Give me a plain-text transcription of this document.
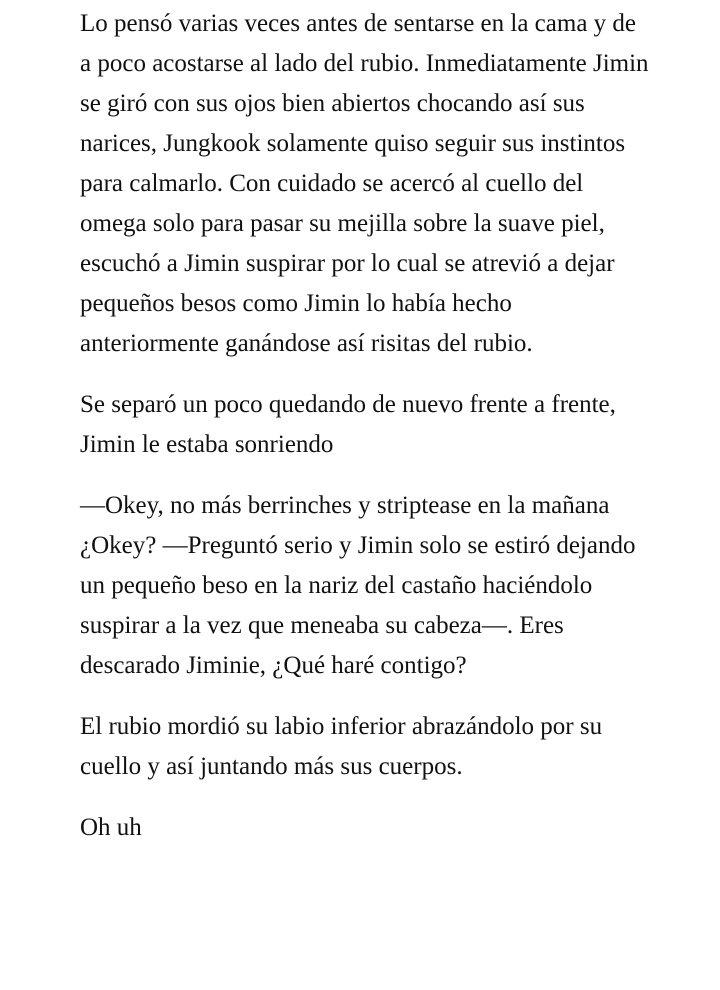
Lo pensó varias veces antes de sentarse en la cama y de a poco acostarse al lado del rubio. Inmediatamente Jimin se giró con sus ojos bien abiertos chocando así sus narices, Jungkook solamente quiso seguir sus instintos para calmarlo. Con cuidado se acercó al cuello del omega solo para pasar su mejilla sobre la suave piel, escuchó a Jimin suspirar por lo cual se atrevió a dejar pequeños besos como Jimin lo había hecho anteriormente ganándose así risitas del rubio.

Se separó un poco quedando de nuevo frente a frente, Jimin le estaba sonriendo

—Okey, no más berrinches y striptease en la mañana ¿Okey? —Preguntó serio y Jimin solo se estiró dejando un pequeño beso en la nariz del castaño haciéndolo suspirar a la vez que meneaba su cabeza—. Eres descarado Jiminie, ¿Qué haré contigo?

El rubio mordió su labio inferior abrazándolo por su cuello y así juntando más sus cuerpos.

Oh uh
